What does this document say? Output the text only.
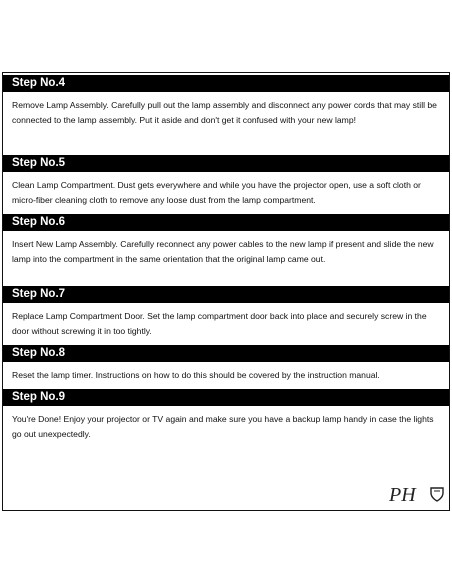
Step No.4

Remove Lamp Assembly. Carefully pull out the lamp assembly and disconnect any power cords that may still be connected to the lamp assembly. Put it aside and don't get it confused with your new lamp!

Step No.5

Clean Lamp Compartment. Dust gets everywhere and while you have the projector open, use a soft cloth or micro-fiber cleaning cloth to remove any loose dust from the lamp compartment.

Step No.6

Insert New Lamp Assembly. Carefully reconnect any power cables to the new lamp if present and slide the new lamp into the compartment in the same orientation that the original lamp came out.

Step No.7

Replace Lamp Compartment Door. Set the lamp compartment door back into place and securely screw in the door without screwing it in too tightly.

Step No.8

Reset the lamp timer. Instructions on how to do this should be covered by the instruction manual.

Step No.9

You're Done! Enjoy your projector or TV again and make sure you have a backup lamp handy in case the lights go out unexpectedly.

PH
